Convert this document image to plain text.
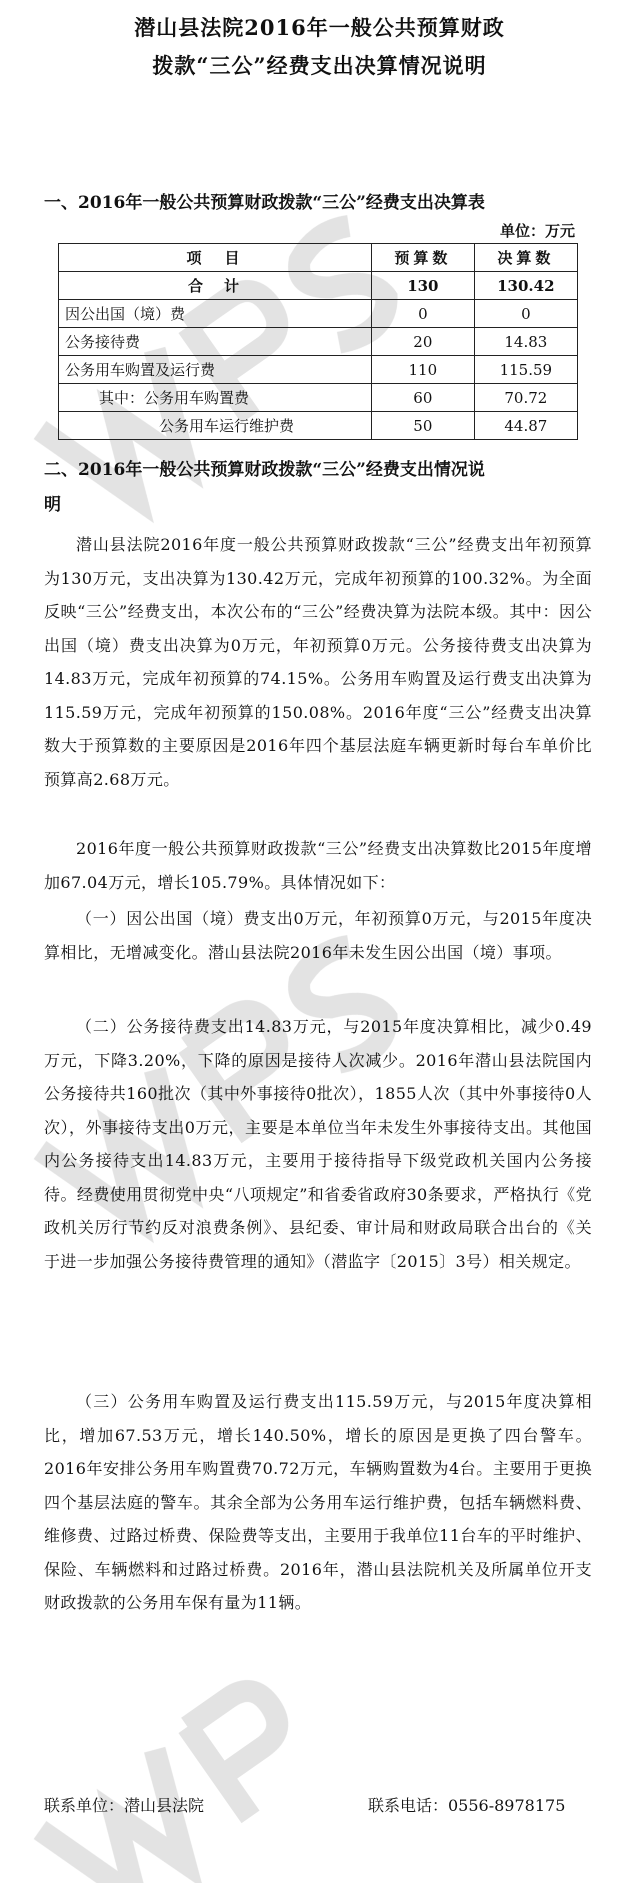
潜山县法院2016年一般公共预算财政
拨款“三公”经费支出决算情况说明
一、2016年一般公共预算财政拨款“三公”经费支出决算表
单位：万元
项　目	预算数	决算数
合　计	130	130.42
因公出国（境）费	0	0
公务接待费	20	14.83
公务用车购置及运行费	110	115.59
其中：公务用车购置费	60	70.72
公务用车运行维护费	50	44.87
二、2016年一般公共预算财政拨款“三公”经费支出情况说
明
潜山县法院2016年度一般公共预算财政拨款“三公”经费支出年初预算为130万元，支出决算为130.42万元，完成年初预算的100.32%。为全面反映“三公”经费支出，本次公布的“三公”经费决算为法院本级。其中：因公出国（境）费支出决算为0万元，年初预算0万元。公务接待费支出决算为14.83万元，完成年初预算的74.15%。公务用车购置及运行费支出决算为115.59万元，完成年初预算的150.08%。2016年度“三公”经费支出决算数大于预算数的主要原因是2016年四个基层法庭车辆更新时每台车单价比预算高2.68万元。
2016年度一般公共预算财政拨款“三公”经费支出决算数比2015年度增加67.04万元，增长105.79%。具体情况如下：
（一）因公出国（境）费支出0万元，年初预算0万元，与2015年度决算相比，无增减变化。潜山县法院2016年未发生因公出国（境）事项。
（二）公务接待费支出14.83万元，与2015年度决算相比，减少0.49万元，下降3.20%，下降的原因是接待人次减少。2016年潜山县法院国内公务接待共160批次（其中外事接待0批次），1855人次（其中外事接待0人次），外事接待支出0万元，主要是本单位当年未发生外事接待支出。其他国内公务接待支出14.83万元，主要用于接待指导下级党政机关国内公务接待。经费使用贯彻党中央“八项规定”和省委省政府30条要求，严格执行《党政机关厉行节约反对浪费条例》、县纪委、审计局和财政局联合出台的《关于进一步加强公务接待费管理的通知》（潜监字〔2015〕3号）相关规定。
（三）公务用车购置及运行费支出115.59万元，与2015年度决算相比，增加67.53万元，增长140.50%，增长的原因是更换了四台警车。2016年安排公务用车购置费70.72万元，车辆购置数为4台。主要用于更换四个基层法庭的警车。其余全部为公务用车运行维护费，包括车辆燃料费、维修费、过路过桥费、保险费等支出，主要用于我单位11台车的平时维护、保险、车辆燃料和过路过桥费。2016年，潜山县法院机关及所属单位开支财政拨款的公务用车保有量为11辆。
联系单位：潜山县法院	联系电话：0556-8978175
